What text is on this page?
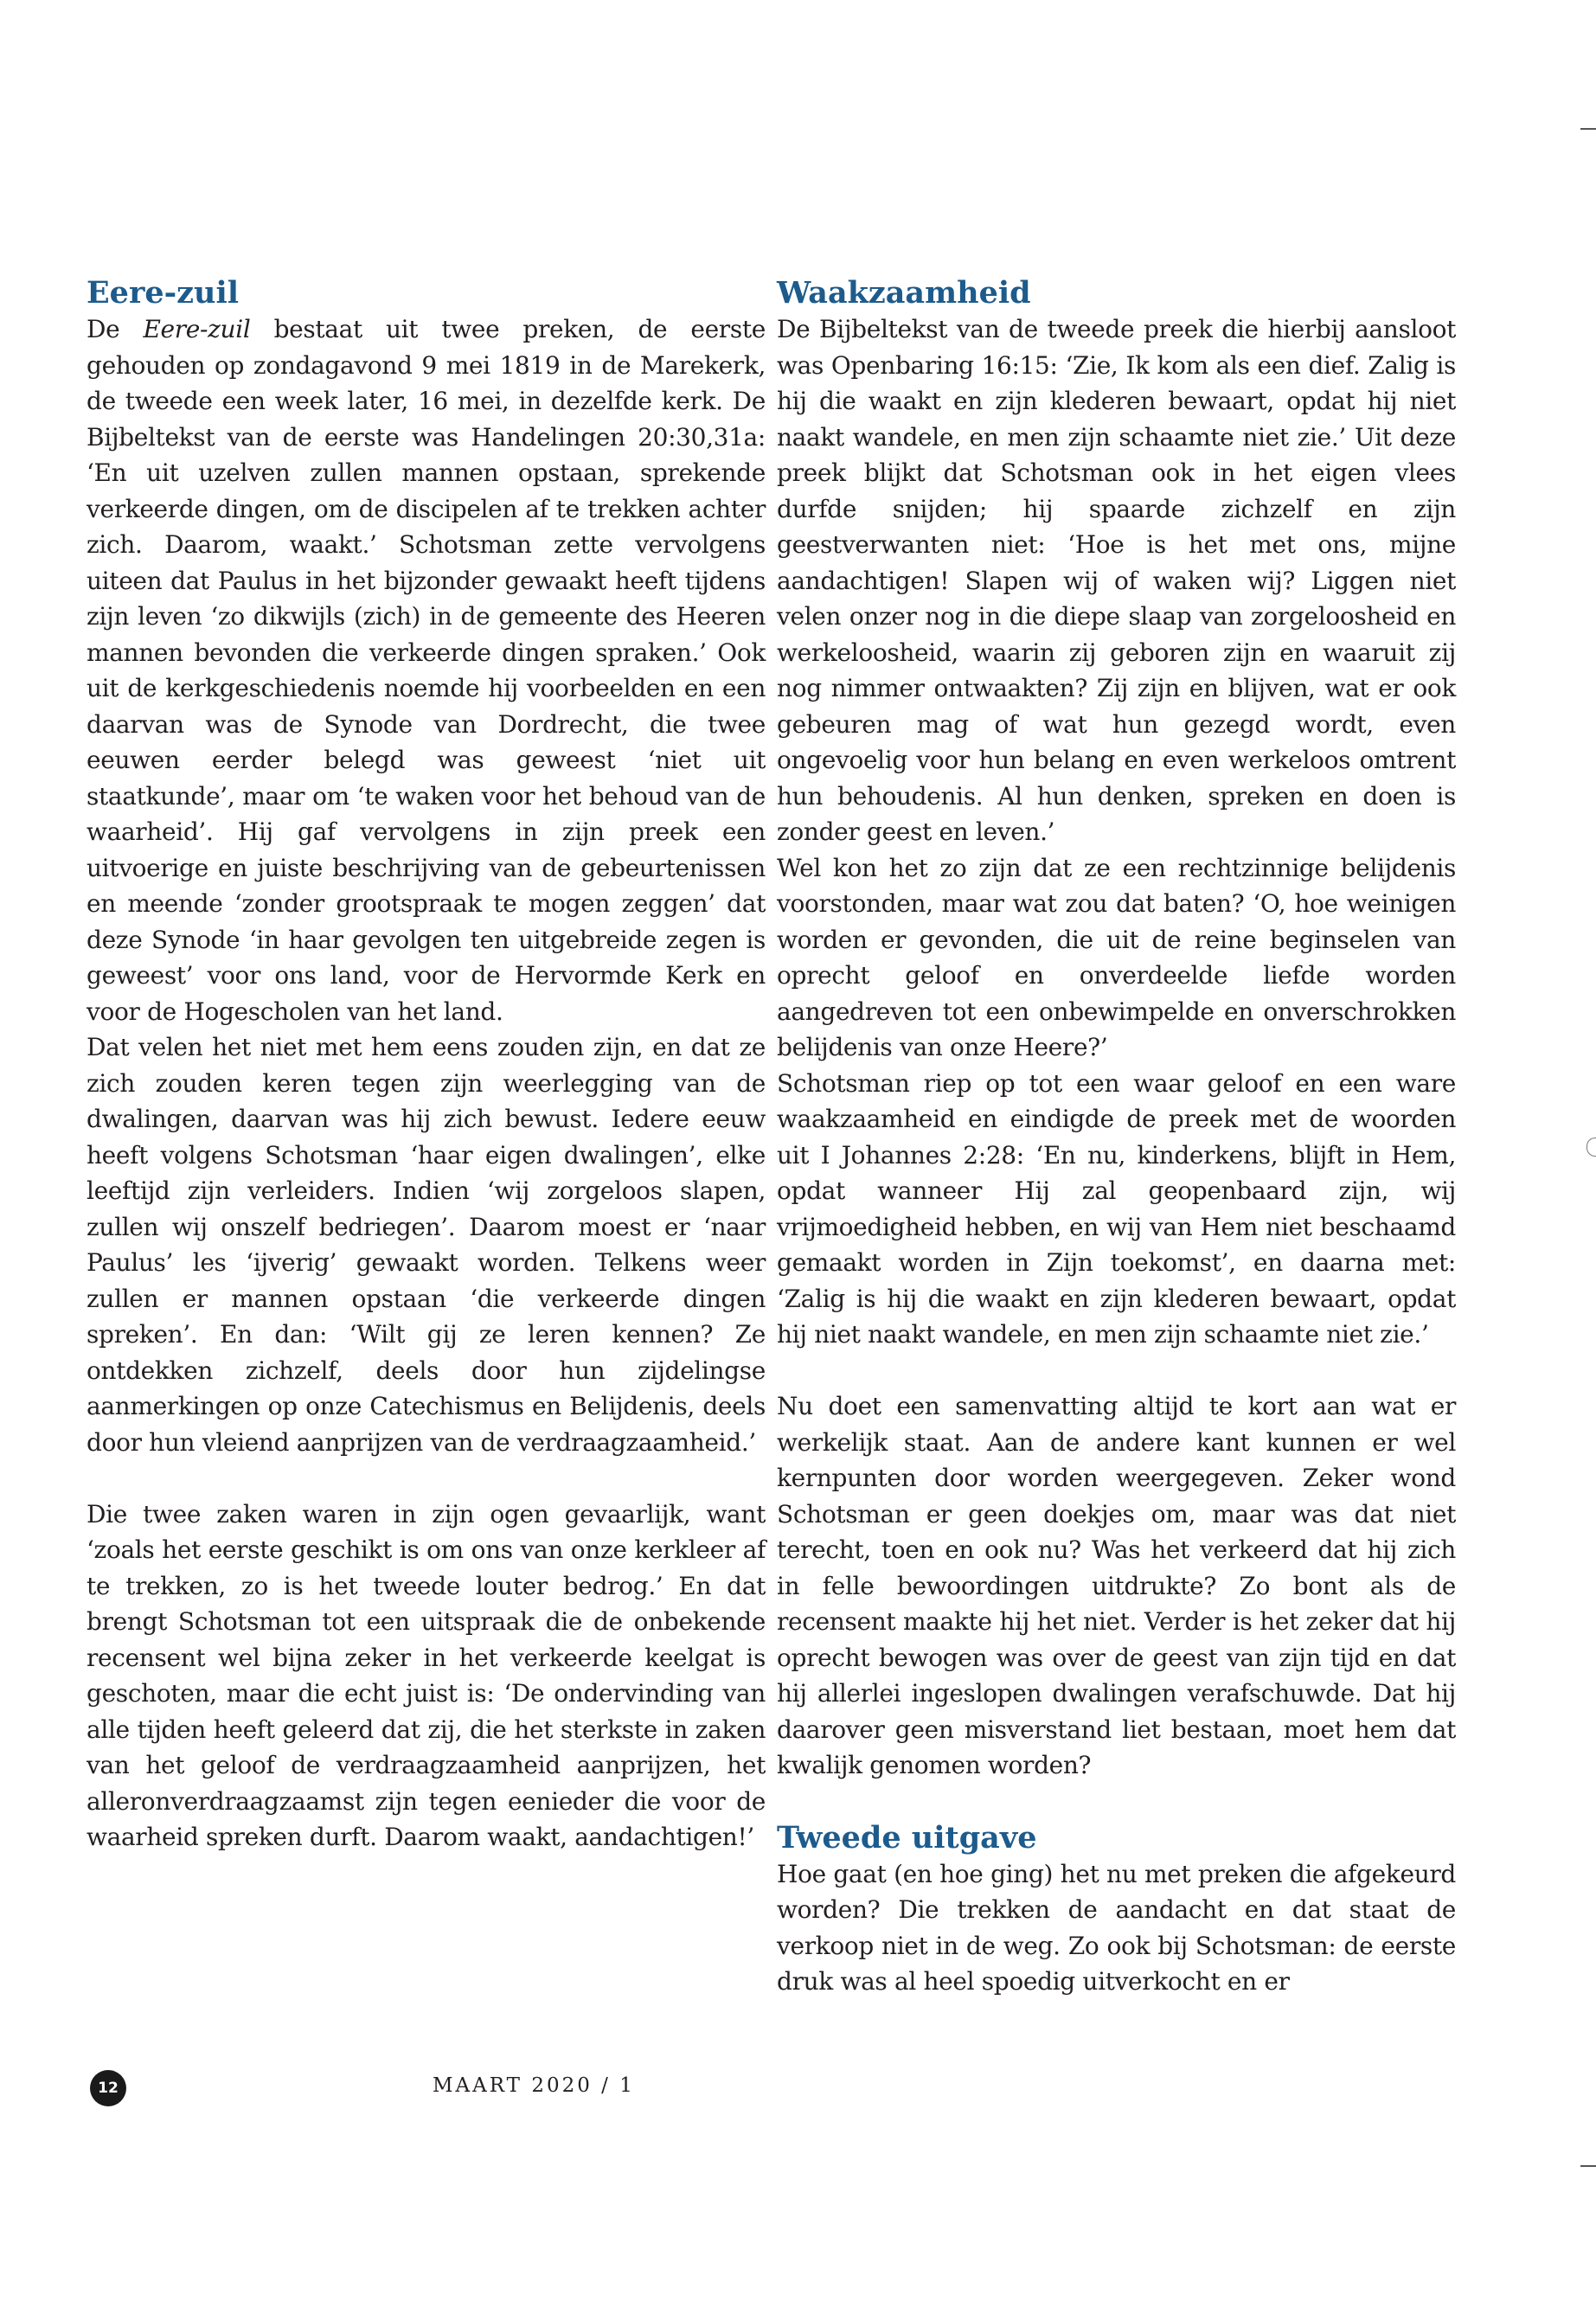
Eere-zuil

De Eere-zuil bestaat uit twee preken, de eerste gehouden op zondagavond 9 mei 1819 in de Marekerk, de tweede een week later, 16 mei, in dezelfde kerk. De Bijbeltekst van de eerste was Handelingen 20:30,31a: ‘En uit uzelven zullen mannen opstaan, sprekende verkeerde dingen, om de discipelen af te trekken achter zich. Daarom, waakt.’ Schotsman zette vervolgens uiteen dat Paulus in het bijzonder gewaakt heeft tijdens zijn leven ‘zo dikwijls (zich) in de gemeente des Heeren mannen bevonden die verkeerde dingen spraken.’ Ook uit de kerkgeschiedenis noemde hij voorbeelden en een daarvan was de Synode van Dordrecht, die twee eeuwen eerder belegd was geweest ‘niet uit staatkunde’, maar om ‘te waken voor het behoud van de waarheid’. Hij gaf vervolgens in zijn preek een uitvoerige en juiste beschrijving van de gebeurtenissen en meende ‘zonder grootspraak te mogen zeggen’ dat deze Synode ‘in haar gevolgen ten uitgebreide zegen is geweest’ voor ons land, voor de Hervormde Kerk en voor de Hogescholen van het land.

Dat velen het niet met hem eens zouden zijn, en dat ze zich zouden keren tegen zijn weerlegging van de dwalingen, daarvan was hij zich bewust. Iedere eeuw heeft volgens Schotsman ‘haar eigen dwalingen’, elke leeftijd zijn verleiders. Indien ‘wij zorgeloos slapen, zullen wij onszelf bedriegen’. Daarom moest er ‘naar Paulus’ les ‘ijverig’ gewaakt worden. Telkens weer zullen er mannen opstaan ‘die verkeerde dingen spreken’. En dan: ‘Wilt gij ze leren kennen? Ze ontdekken zichzelf, deels door hun zijdelingse aanmerkingen op onze Catechismus en Belijdenis, deels door hun vleiend aanprijzen van de verdraagzaamheid.’

Die twee zaken waren in zijn ogen gevaarlijk, want ‘zoals het eerste geschikt is om ons van onze kerkleer af te trekken, zo is het tweede louter bedrog.’ En dat brengt Schotsman tot een uitspraak die de onbekende recensent wel bijna zeker in het verkeerde keelgat is geschoten, maar die echt juist is: ‘De ondervinding van alle tijden heeft geleerd dat zij, die het sterkste in zaken van het geloof de verdraagzaamheid aanprijzen, het alleronverdraagzaamst zijn tegen eenieder die voor de waarheid spreken durft. Daarom waakt, aandachtigen!’

Waakzaamheid

De Bijbeltekst van de tweede preek die hierbij aansloot was Openbaring 16:15: ‘Zie, Ik kom als een dief. Zalig is hij die waakt en zijn klederen bewaart, opdat hij niet naakt wandele, en men zijn schaamte niet zie.’ Uit deze preek blijkt dat Schotsman ook in het eigen vlees durfde snijden; hij spaarde zichzelf en zijn geestverwanten niet: ‘Hoe is het met ons, mijne aandachtigen! Slapen wij of waken wij? Liggen niet velen onzer nog in die diepe slaap van zorgeloosheid en werkeloosheid, waarin zij geboren zijn en waaruit zij nog nimmer ontwaakten? Zij zijn en blijven, wat er ook gebeuren mag of wat hun gezegd wordt, even ongevoelig voor hun belang en even werkeloos omtrent hun behoudenis. Al hun denken, spreken en doen is zonder geest en leven.’

Wel kon het zo zijn dat ze een rechtzinnige belijdenis voorstonden, maar wat zou dat baten? ‘O, hoe weinigen worden er gevonden, die uit de reine beginselen van oprecht geloof en onverdeelde liefde worden aangedreven tot een onbewimpelde en onverschrokken belijdenis van onze Heere?’

Schotsman riep op tot een waar geloof en een ware waakzaamheid en eindigde de preek met de woorden uit I Johannes 2:28: ‘En nu, kinderkens, blijft in Hem, opdat wanneer Hij zal geopenbaard zijn, wij vrijmoedigheid hebben, en wij van Hem niet beschaamd gemaakt worden in Zijn toekomst’, en daarna met: ‘Zalig is hij die waakt en zijn klederen bewaart, opdat hij niet naakt wandele, en men zijn schaamte niet zie.’

Nu doet een samenvatting altijd te kort aan wat er werkelijk staat. Aan de andere kant kunnen er wel kernpunten door worden weergegeven. Zeker wond Schotsman er geen doekjes om, maar was dat niet terecht, toen en ook nu? Was het verkeerd dat hij zich in felle bewoordingen uitdrukte? Zo bont als de recensent maakte hij het niet. Verder is het zeker dat hij oprecht bewogen was over de geest van zijn tijd en dat hij allerlei ingeslopen dwalingen verafschuwde. Dat hij daarover geen misverstand liet bestaan, moet hem dat kwalijk genomen worden?

Tweede uitgave

Hoe gaat (en hoe ging) het nu met preken die afgekeurd worden? Die trekken de aandacht en dat staat de verkoop niet in de weg. Zo ook bij Schotsman: de eerste druk was al heel spoedig uitverkocht en er

12	MAART 2020 / 1
